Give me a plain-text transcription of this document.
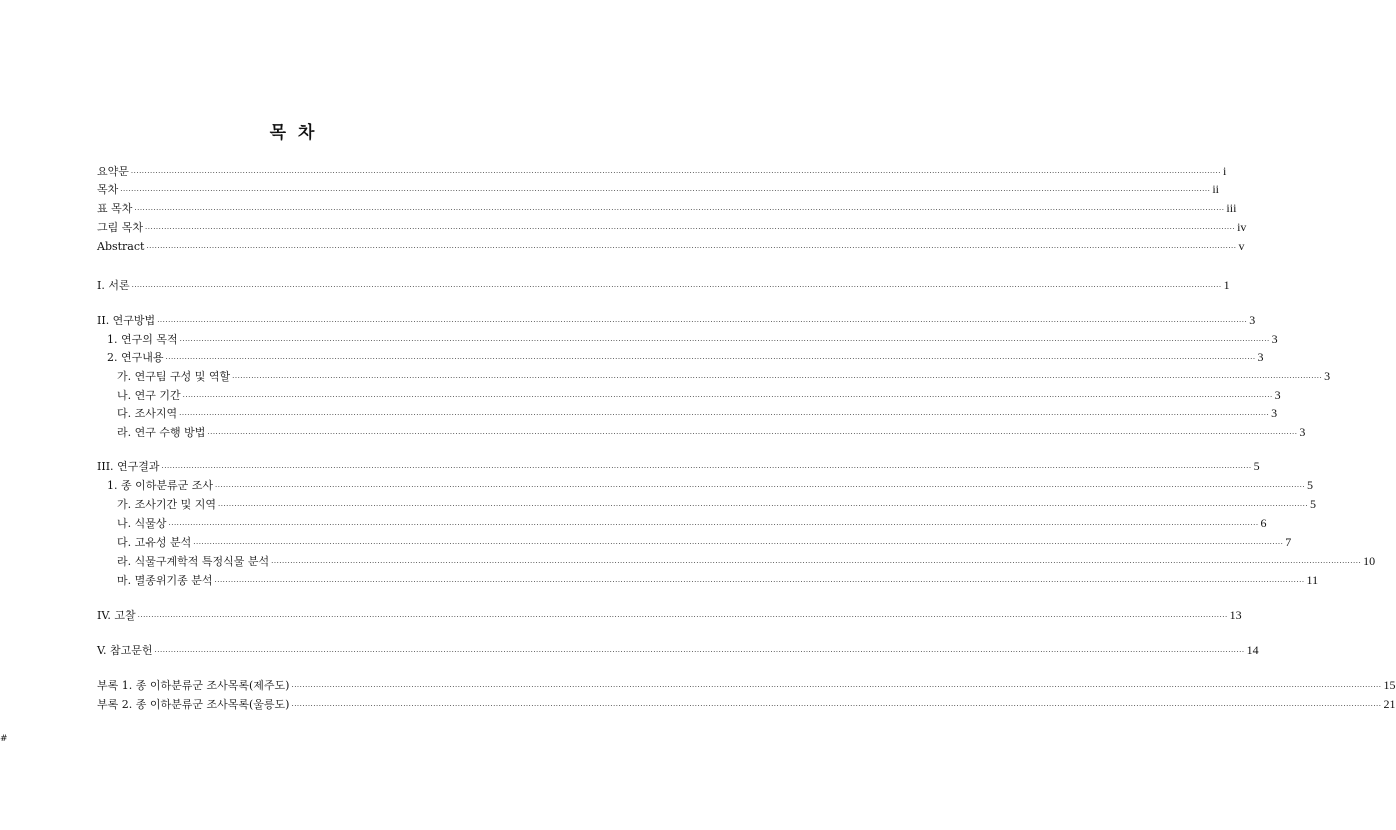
목 차
요약문 ················································································································································································································································································································································································································ i
목차 ················································································································································································································································································································································································································ ii
표 목차 ················································································································································································································································································································································································································ iii
그림 목차 ················································································································································································································································································································································································································ iv
Abstract ················································································································································································································································································································································································································ v
I. 서론 ················································································································································································································································································································································································································ 1
II. 연구방법 ················································································································································································································································································································································································································ 3
1. 연구의 목적 ················································································································································································································································································································································································································ 3
2. 연구내용 ················································································································································································································································································································································································································ 3
가. 연구팀 구성 및 역할 ················································································································································································································································································································································································································ 3
나. 연구 기간 ················································································································································································································································································································································································································ 3
다. 조사지역 ················································································································································································································································································································································································································ 3
라. 연구 수행 방법 ················································································································································································································································································································································································································ 3
III. 연구결과 ················································································································································································································································································································································································································ 5
1. 종 이하분류군 조사 ················································································································································································································································································································································································································ 5
가. 조사기간 및 지역 ················································································································································································································································································································································································································ 5
나. 식물상 ················································································································································································································································································································································································································ 6
다. 고유성 분석 ················································································································································································································································································································································································································ 7
라. 식물구계학적 특정식물 분석 ················································································································································································································································································································································································································ 10
마. 멸종위기종 분석 ················································································································································································································································································································································································································ 11
IV. 고찰 ················································································································································································································································································································································································································ 13
V. 참고문헌 ················································································································································································································································································································································································································ 14
부록 1. 종 이하분류군 조사목록(제주도) ················································································································································································································································································································································································································ 15
부록 2. 종 이하분류군 조사목록(울릉도) ················································································································································································································································································································································································································ 21
#
